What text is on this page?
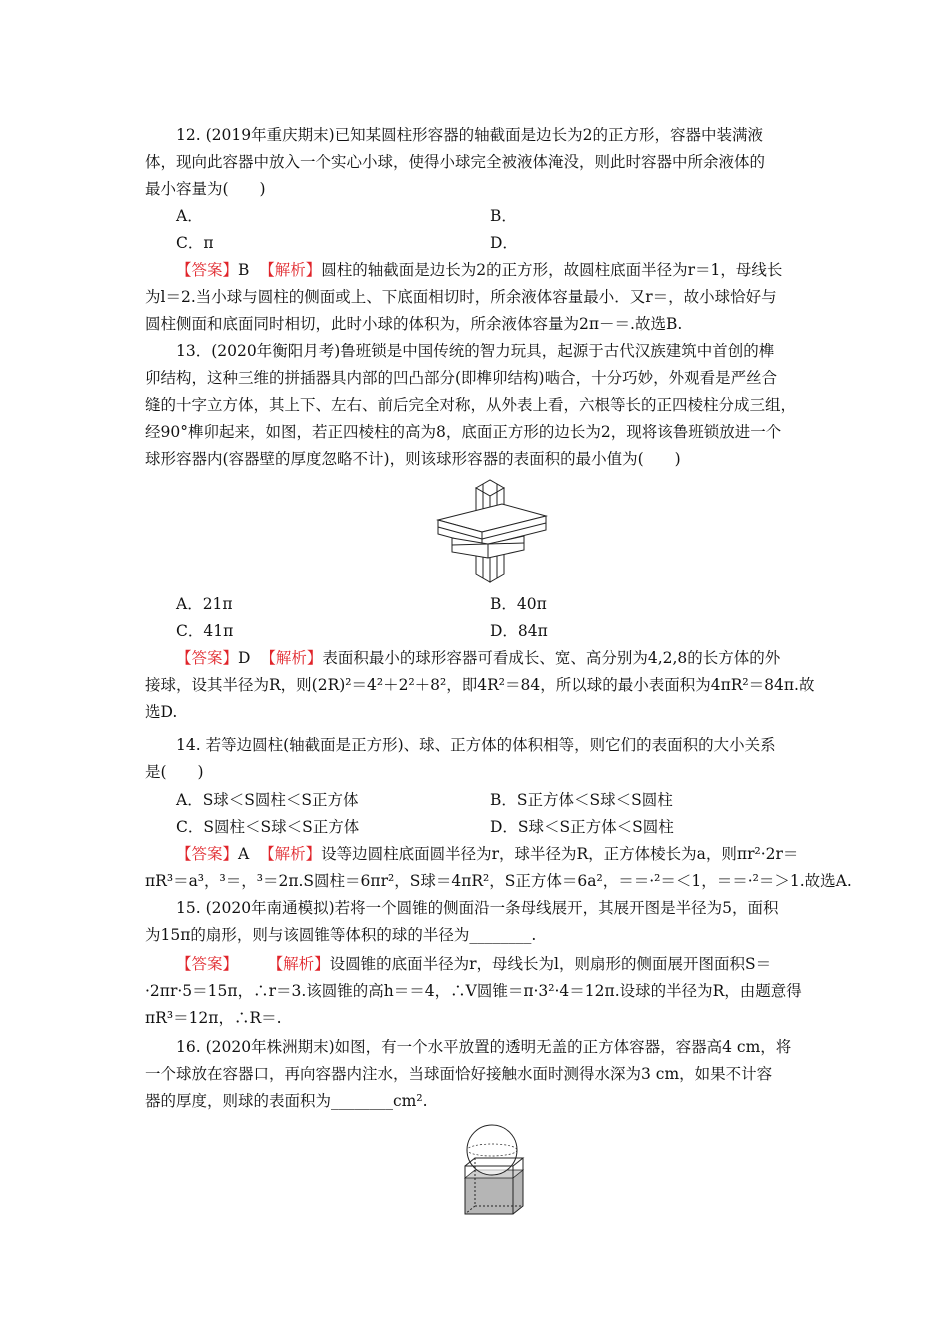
12. (2019年重庆期末)已知某圆柱形容器的轴截面是边长为2的正方形，容器中装满液
体，现向此容器中放入一个实心小球，使得小球完全被液体淹没，则此时容器中所余液体的
最小容量为(　　)
A．	B．
C．π	D．
【答案】B 【解析】圆柱的轴截面是边长为2的正方形，故圆柱底面半径为r＝1，母线长
为l＝2.当小球与圆柱的侧面或上、下底面相切时，所余液体容量最小．又r＝，故小球恰好与
圆柱侧面和底面同时相切，此时小球的体积为，所余液体容量为2π－＝.故选B.
13．(2020年衡阳月考)鲁班锁是中国传统的智力玩具，起源于古代汉族建筑中首创的榫
卯结构，这种三维的拼插器具内部的凹凸部分(即榫卯结构)啮合，十分巧妙，外观看是严丝合
缝的十字立方体，其上下、左右、前后完全对称，从外表上看，六根等长的正四棱柱分成三组，
经90°榫卯起来，如图，若正四棱柱的高为8，底面正方形的边长为2，现将该鲁班锁放进一个
球形容器内(容器壁的厚度忽略不计)，则该球形容器的表面积的最小值为(　　)
A．21π	B．40π
C．41π	D．84π
【答案】D 【解析】表面积最小的球形容器可看成长、宽、高分别为4,2,8的长方体的外
接球，设其半径为R，则(2R)²＝4²＋2²＋8²，即4R²＝84，所以球的最小表面积为4πR²＝84π.故
选D.
14. 若等边圆柱(轴截面是正方形)、球、正方体的体积相等，则它们的表面积的大小关系
是(　　)
A．S球＜S圆柱＜S正方体	B．S正方体＜S球＜S圆柱
C．S圆柱＜S球＜S正方体	D．S球＜S正方体＜S圆柱
【答案】A 【解析】设等边圆柱底面圆半径为r，球半径为R，正方体棱长为a，则πr²·2r＝
πR³＝a³，³＝，³＝2π.S圆柱＝6πr²，S球＝4πR²，S正方体＝6a²，＝＝·²＝＜1，＝＝·²＝＞1.故选A.
15. (2020年南通模拟)若将一个圆锥的侧面沿一条母线展开，其展开图是半径为5，面积
为15π的扇形，则与该圆锥等体积的球的半径为________.
【答案】 【解析】设圆锥的底面半径为r，母线长为l，则扇形的侧面展开图面积S＝
·2πr·5＝15π，∴r＝3.该圆锥的高h＝＝4，∴V圆锥＝π·3²·4＝12π.设球的半径为R，由题意得
πR³＝12π，∴R＝.
16. (2020年株洲期末)如图，有一个水平放置的透明无盖的正方体容器，容器高4 cm，将
一个球放在容器口，再向容器内注水，当球面恰好接触水面时测得水深为3 cm，如果不计容
器的厚度，则球的表面积为________cm².
